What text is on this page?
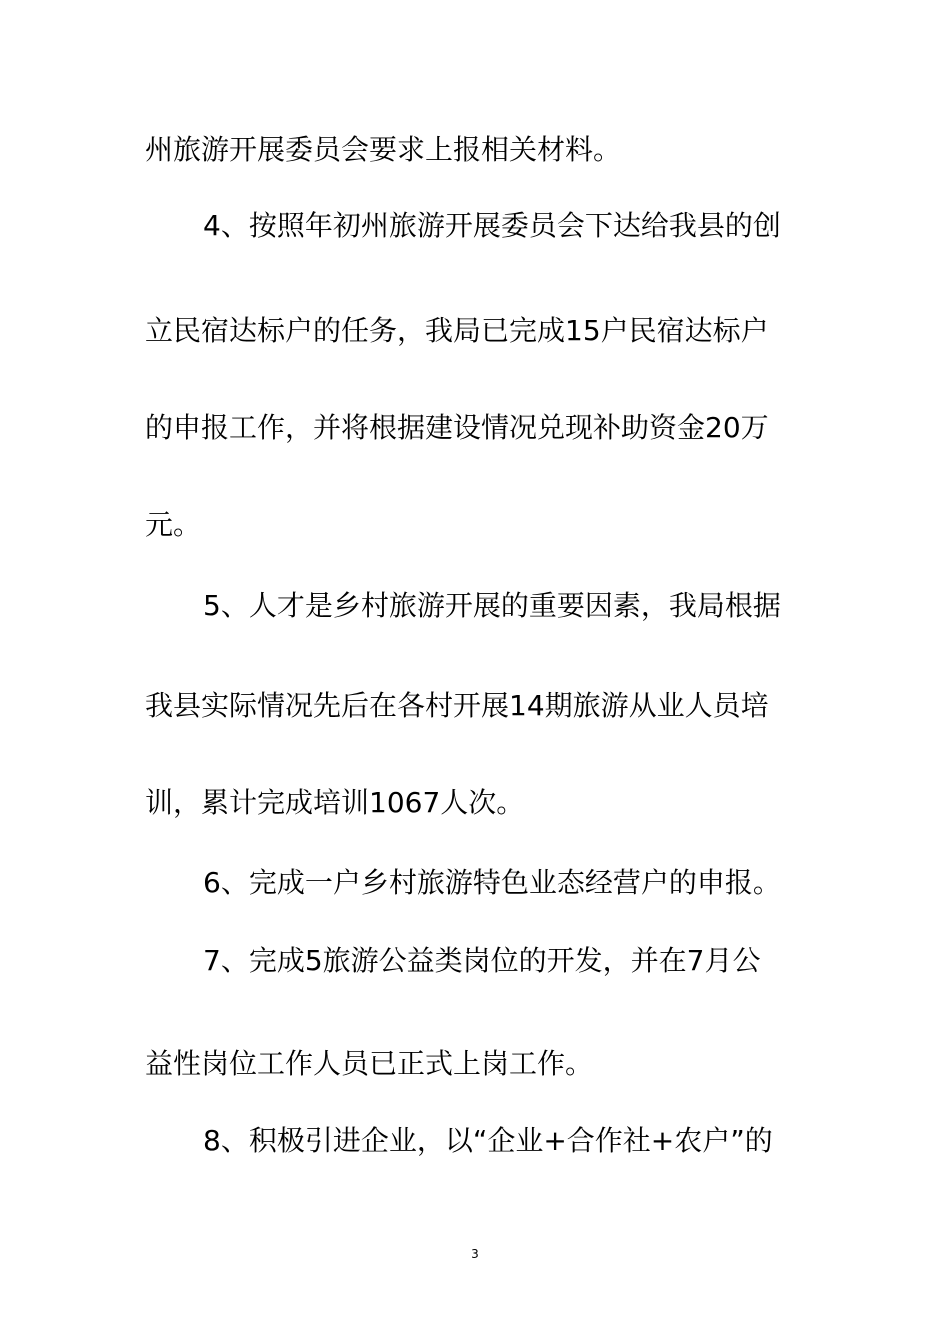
州旅游开展委员会要求上报相关材料。
4、按照年初州旅游开展委员会下达给我县的创
立民宿达标户的任务，我局已完成15户民宿达标户
的申报工作，并将根据建设情况兑现补助资金20万
元。
5、人才是乡村旅游开展的重要因素，我局根据
我县实际情况先后在各村开展14期旅游从业人员培
训，累计完成培训1067人次。
6、完成一户乡村旅游特色业态经营户的申报。
7、完成5旅游公益类岗位的开发，并在7月公
益性岗位工作人员已正式上岗工作。
8、积极引进企业，以“企业+合作社+农户”的
3
